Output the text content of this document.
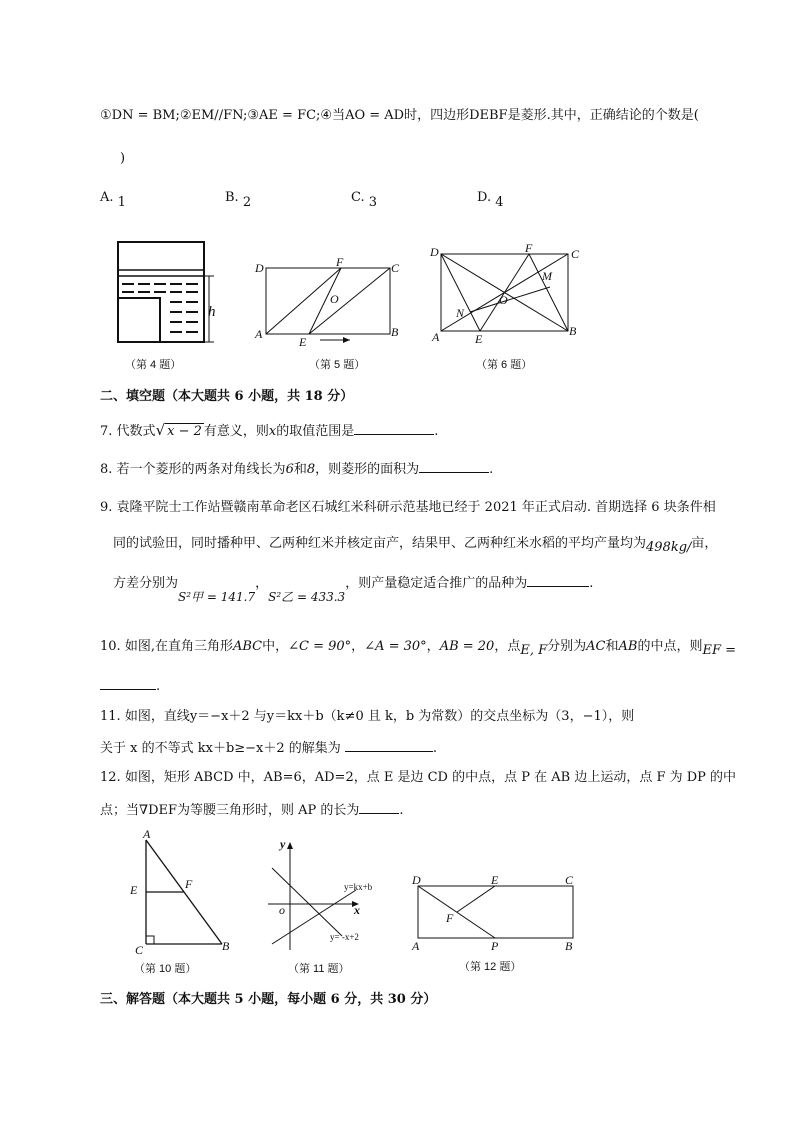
①DN = BM;②EM//FN;③AE = FC;④当AO = AD时，四边形DEBF是菱形.其中，正确结论的个数是(
)
A. 1	B. 2	C. 3	D. 4
h
（第 4 题）
D	F	C
O
A
E
B
（第 5 题）
D	F	C
M
O
N
A	E
B
（第 6 题）
二、填空题（本大题共 6 小题，共 18 分）
7. 代数式√ x − 2 有意义，则x的取值范围是	.
8. 若一个菱形的两条对角线长为6和8，则菱形的面积为	.
9. 袁隆平院士工作站暨赣南革命老区石城红米科研示范基地已经于 2021 年正式启动. 首期选择 6 块条件相
同的试验田，同时播种甲、乙两种红米并核定亩产，结果甲、乙两种红米水稻的平均产量均为498kg/亩，
方差分别为S²甲 = 141.7，S²乙 = 433.3，则产量稳定适合推广的品种为	.
10. 如图,在直角三角形ABC中，∠C = 90°，∠A = 30°，AB = 20，点E, F分别为AC和AB的中点，则EF =
.
11. 如图，直线y＝−x＋2 与y＝kx＋b（k≠0 且 k，b 为常数）的交点坐标为（3，−1），则
关于 x 的不等式 kx＋b≥−x＋2 的解集为	.
12. 如图，矩形 ABCD 中，AB=6，AD=2，点 E 是边 CD 的中点，点 P 在 AB 边上运动，点 F 为 DP 的中
点；当∇DEF为等腰三角形时，则 AP 的长为	.
A
E	F
C	B
（第 10 题）
y
x
o
y=kx+b
y= -x+2
（第 11 题）
D	E	C
F
A	P	B
（第 12 题）
三、解答题（本大题共 5 小题，每小题 6 分，共 30 分）
